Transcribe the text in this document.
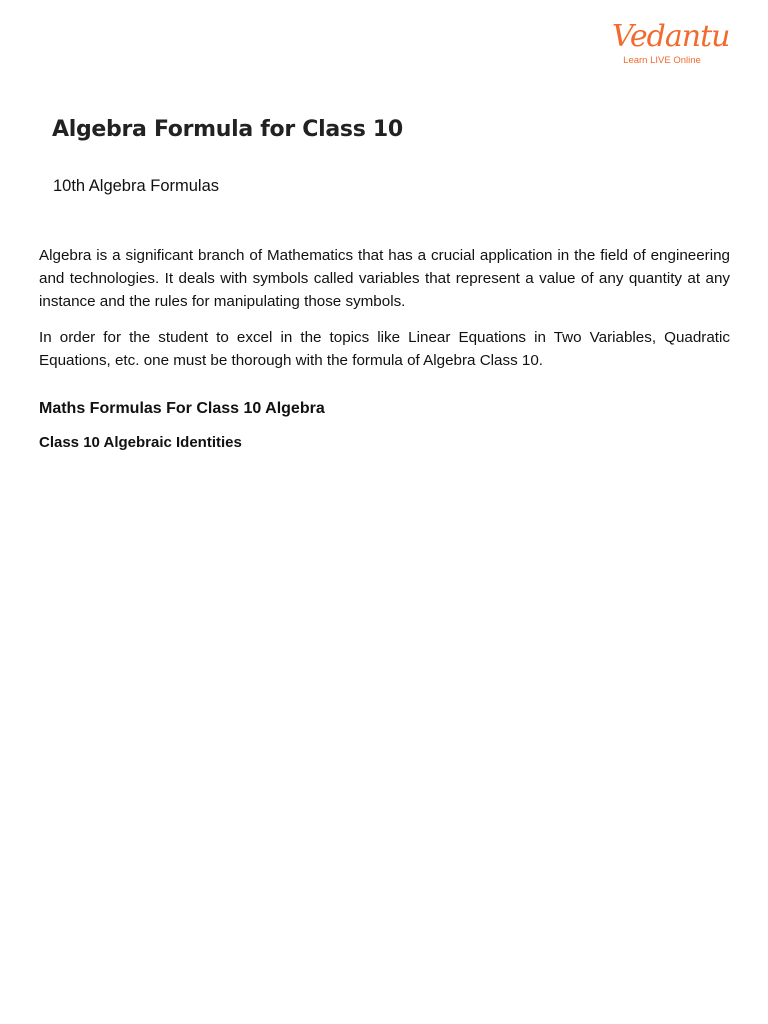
Vedantu
Learn LIVE Online
Algebra Formula for Class 10
10th Algebra Formulas

Algebra is a significant branch of Mathematics that has a crucial application in the field of engineering and technologies. It deals with symbols called variables that represent a value of any quantity at any instance and the rules for manipulating those symbols.

In order for the student to excel in the topics like Linear Equations in Two Variables, Quadratic Equations, etc. one must be thorough with the formula of Algebra Class 10.

Maths Formulas For Class 10 Algebra
Class 10 Algebraic Identities
